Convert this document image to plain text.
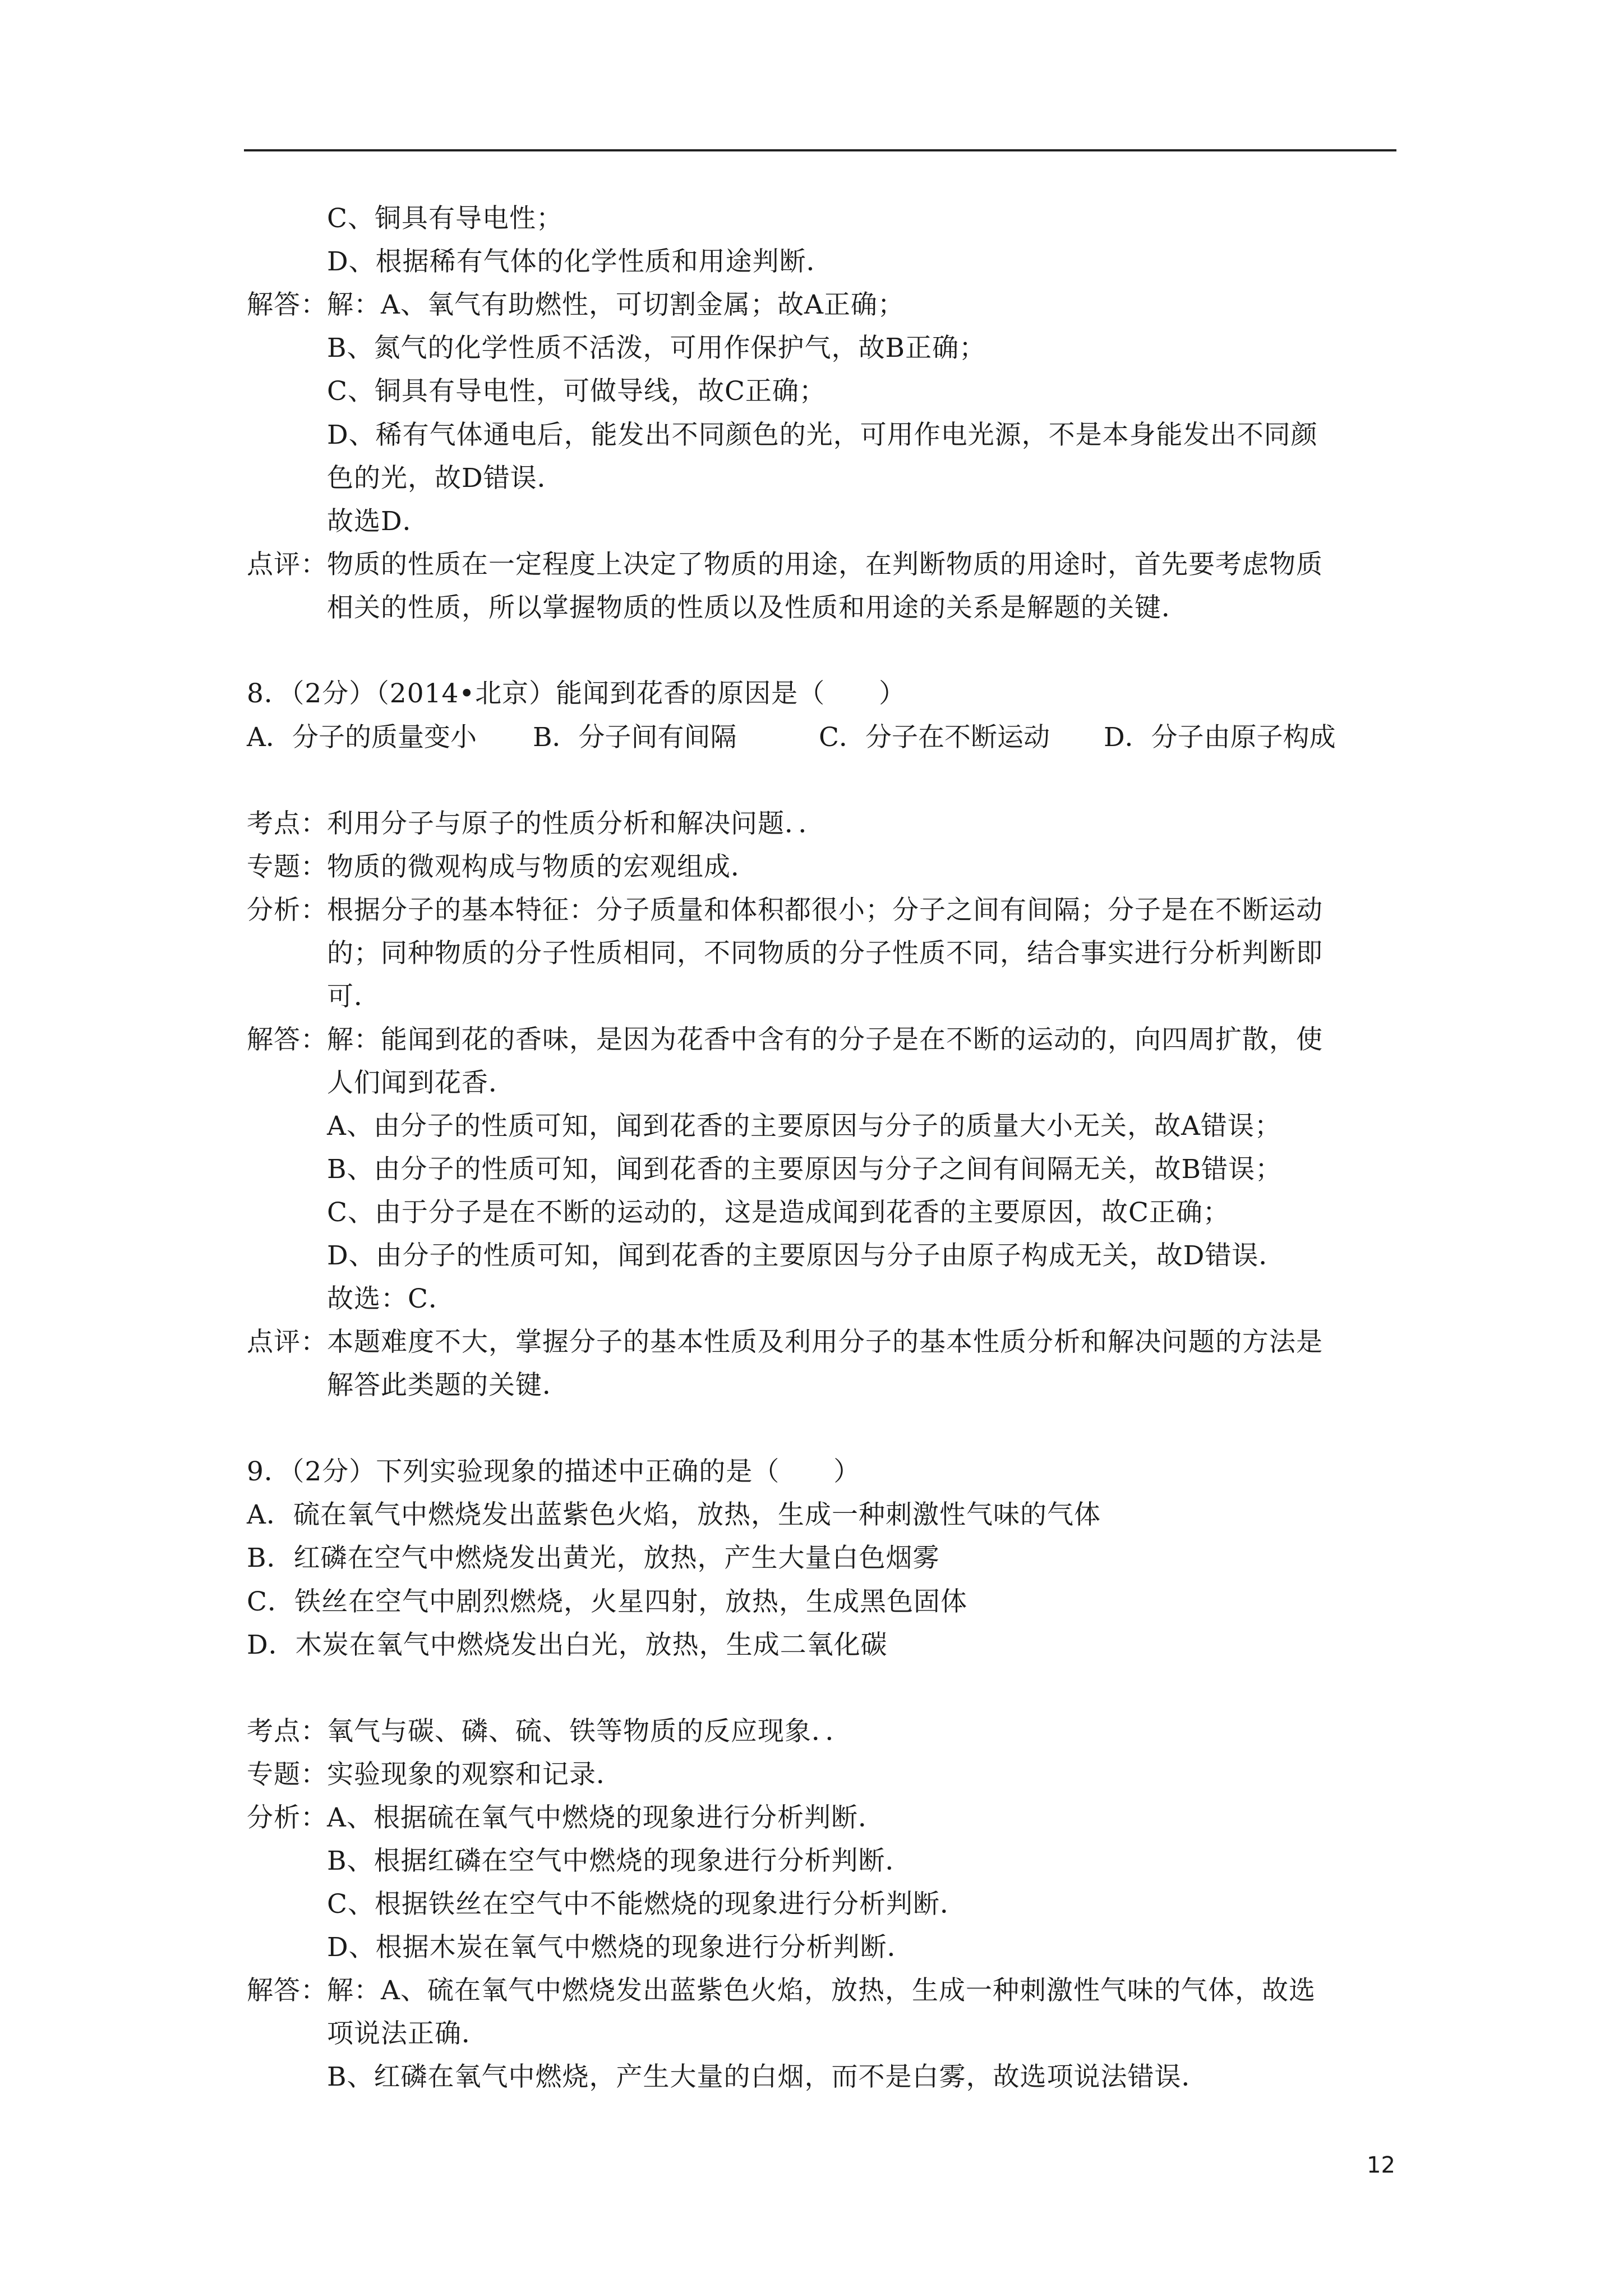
C、铜具有导电性；
D、根据稀有气体的化学性质和用途判断．
解答： 解：A、氧气有助燃性，可切割金属；故A正确；
B、氮气的化学性质不活泼，可用作保护气，故B正确；
C、铜具有导电性，可做导线，故C正确；
D、稀有气体通电后，能发出不同颜色的光，可用作电光源，不是本身能发出不同颜
色的光，故D错误．
故选D．
点评： 物质的性质在一定程度上决定了物质的用途，在判断物质的用途时，首先要考虑物质
相关的性质，所以掌握物质的性质以及性质和用途的关系是解题的关键．
8．（2分）（2014•北京）能闻到花香的原因是（　　）
A．分子的质量变小 B．分子间有间隔	C．分子在不断运动 D．分子由原子构成
考点： 利用分子与原子的性质分析和解决问题．．
专题： 物质的微观构成与物质的宏观组成．
分析： 根据分子的基本特征：分子质量和体积都很小；分子之间有间隔；分子是在不断运动
的；同种物质的分子性质相同，不同物质的分子性质不同，结合事实进行分析判断即
可．
解答： 解：能闻到花的香味，是因为花香中含有的分子是在不断的运动的，向四周扩散，使
人们闻到花香．
A、由分子的性质可知，闻到花香的主要原因与分子的质量大小无关，故A错误；
B、由分子的性质可知，闻到花香的主要原因与分子之间有间隔无关，故B错误；
C、由于分子是在不断的运动的，这是造成闻到花香的主要原因，故C正确；
D、由分子的性质可知，闻到花香的主要原因与分子由原子构成无关，故D错误．
故选：C．
点评： 本题难度不大，掌握分子的基本性质及利用分子的基本性质分析和解决问题的方法是
解答此类题的关键．
9．（2分）下列实验现象的描述中正确的是（　　）
A．硫在氧气中燃烧发出蓝紫色火焰，放热，生成一种刺激性气味的气体
B．红磷在空气中燃烧发出黄光，放热，产生大量白色烟雾
C．铁丝在空气中剧烈燃烧，火星四射，放热，生成黑色固体
D．木炭在氧气中燃烧发出白光，放热，生成二氧化碳
考点： 氧气与碳、磷、硫、铁等物质的反应现象．．
专题： 实验现象的观察和记录．
分析： A、根据硫在氧气中燃烧的现象进行分析判断．
B、根据红磷在空气中燃烧的现象进行分析判断．
C、根据铁丝在空气中不能燃烧的现象进行分析判断．
D、根据木炭在氧气中燃烧的现象进行分析判断．
解答： 解：A、硫在氧气中燃烧发出蓝紫色火焰，放热，生成一种刺激性气味的气体，故选
项说法正确．
B、红磷在氧气中燃烧，产生大量的白烟，而不是白雾，故选项说法错误．
12
